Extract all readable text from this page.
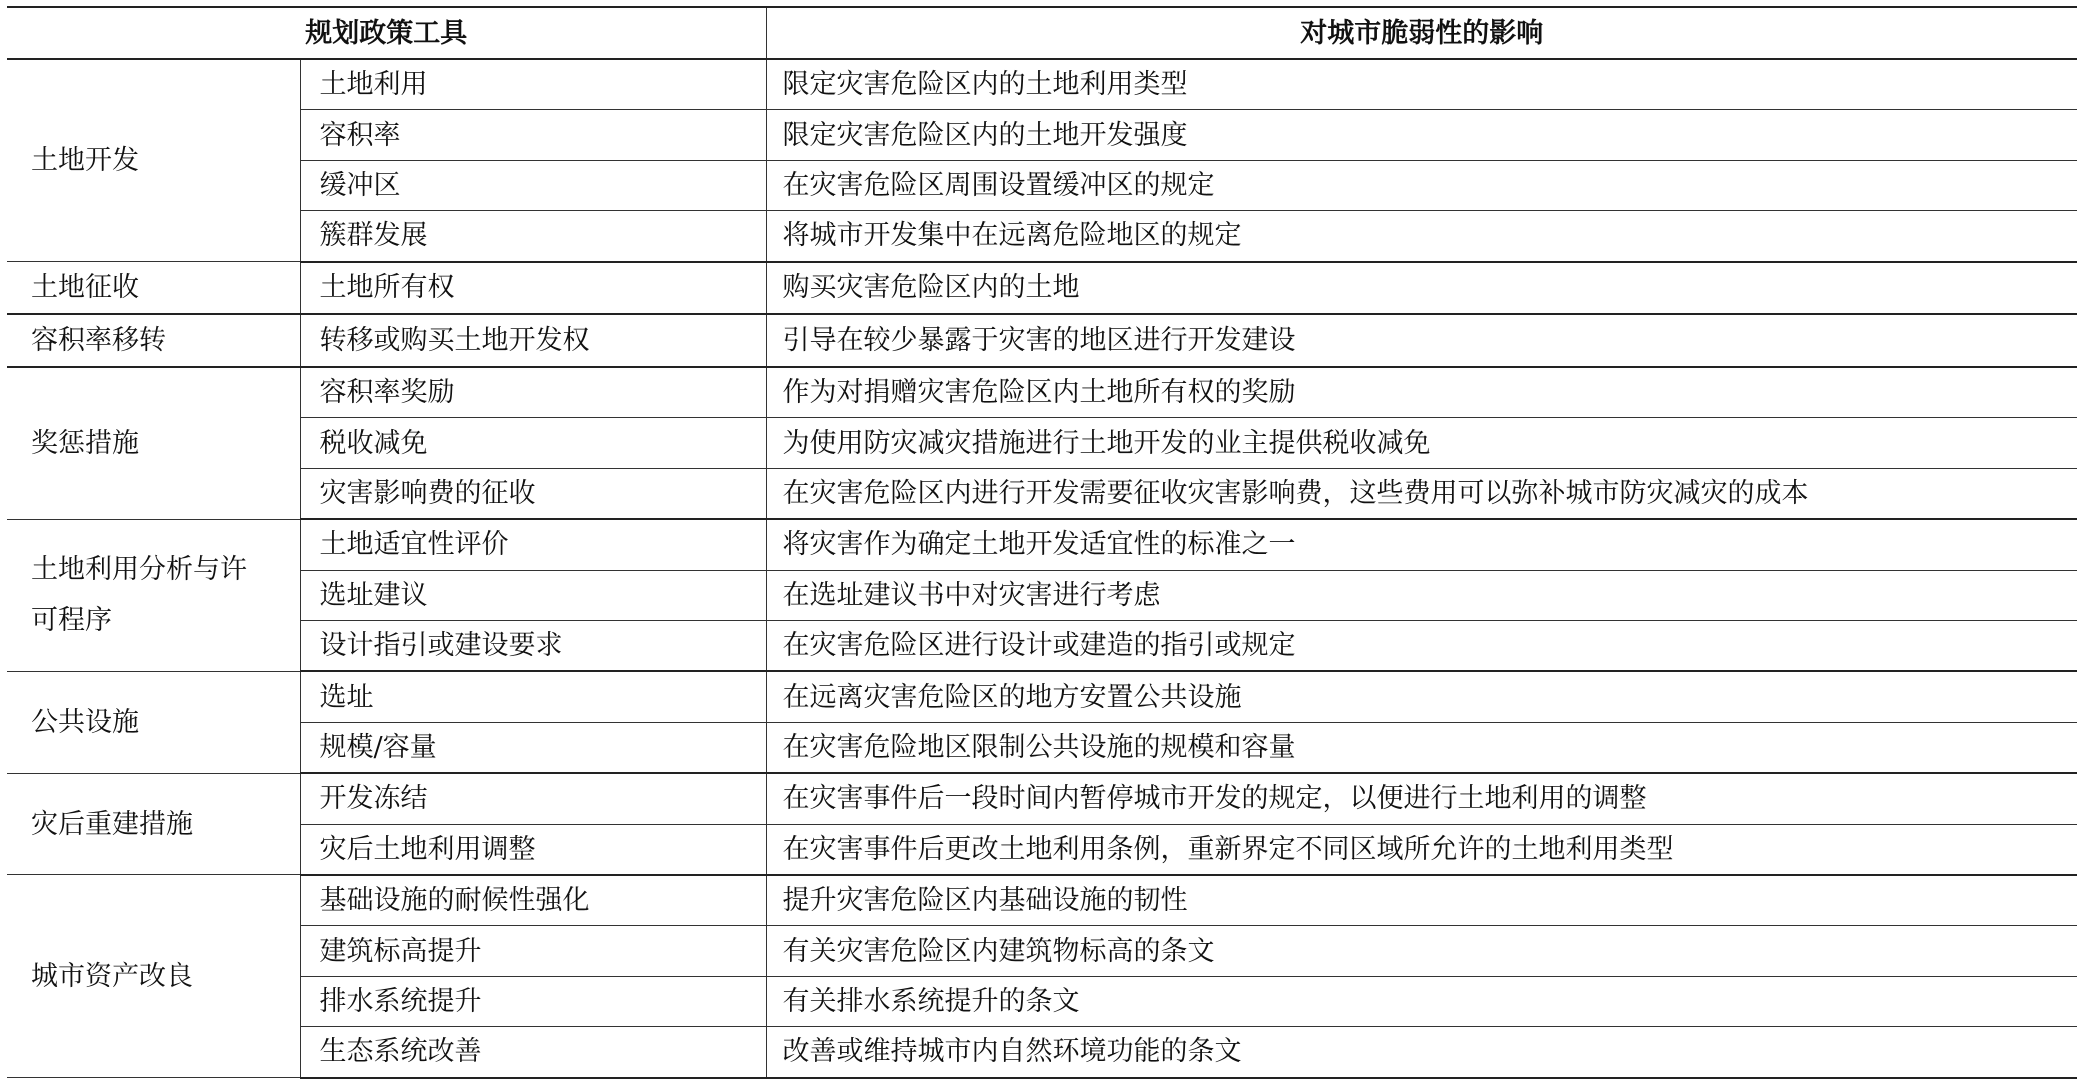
规划政策工具		对城市脆弱性的影响

土地开发	土地利用	限定灾害危险区内的土地利用类型
	容积率	限定灾害危险区内的土地开发强度
	缓冲区	在灾害危险区周围设置缓冲区的规定
	簇群发展	将城市开发集中在远离危险地区的规定

土地征收	土地所有权	购买灾害危险区内的土地

容积率移转	转移或购买土地开发权	引导在较少暴露于灾害的地区进行开发建设

奖惩措施	容积率奖励	作为对捐赠灾害危险区内土地所有权的奖励
	税收减免	为使用防灾减灾措施进行土地开发的业主提供税收减免
	灾害影响费的征收	在灾害危险区内进行开发需要征收灾害影响费，这些费用可以弥补城市防灾减灾的成本

土地利用分析与许可程序	土地适宜性评价	将灾害作为确定土地开发适宜性的标准之一
	选址建议	在选址建议书中对灾害进行考虑
	设计指引或建设要求	在灾害危险区进行设计或建造的指引或规定

公共设施	选址	在远离灾害危险区的地方安置公共设施
	规模/容量	在灾害危险地区限制公共设施的规模和容量

灾后重建措施	开发冻结	在灾害事件后一段时间内暂停城市开发的规定，以便进行土地利用的调整
	灾后土地利用调整	在灾害事件后更改土地利用条例，重新界定不同区域所允许的土地利用类型

城市资产改良	基础设施的耐候性强化	提升灾害危险区内基础设施的韧性
	建筑标高提升	有关灾害危险区内建筑物标高的条文
	排水系统提升	有关排水系统提升的条文
	生态系统改善	改善或维持城市内自然环境功能的条文
